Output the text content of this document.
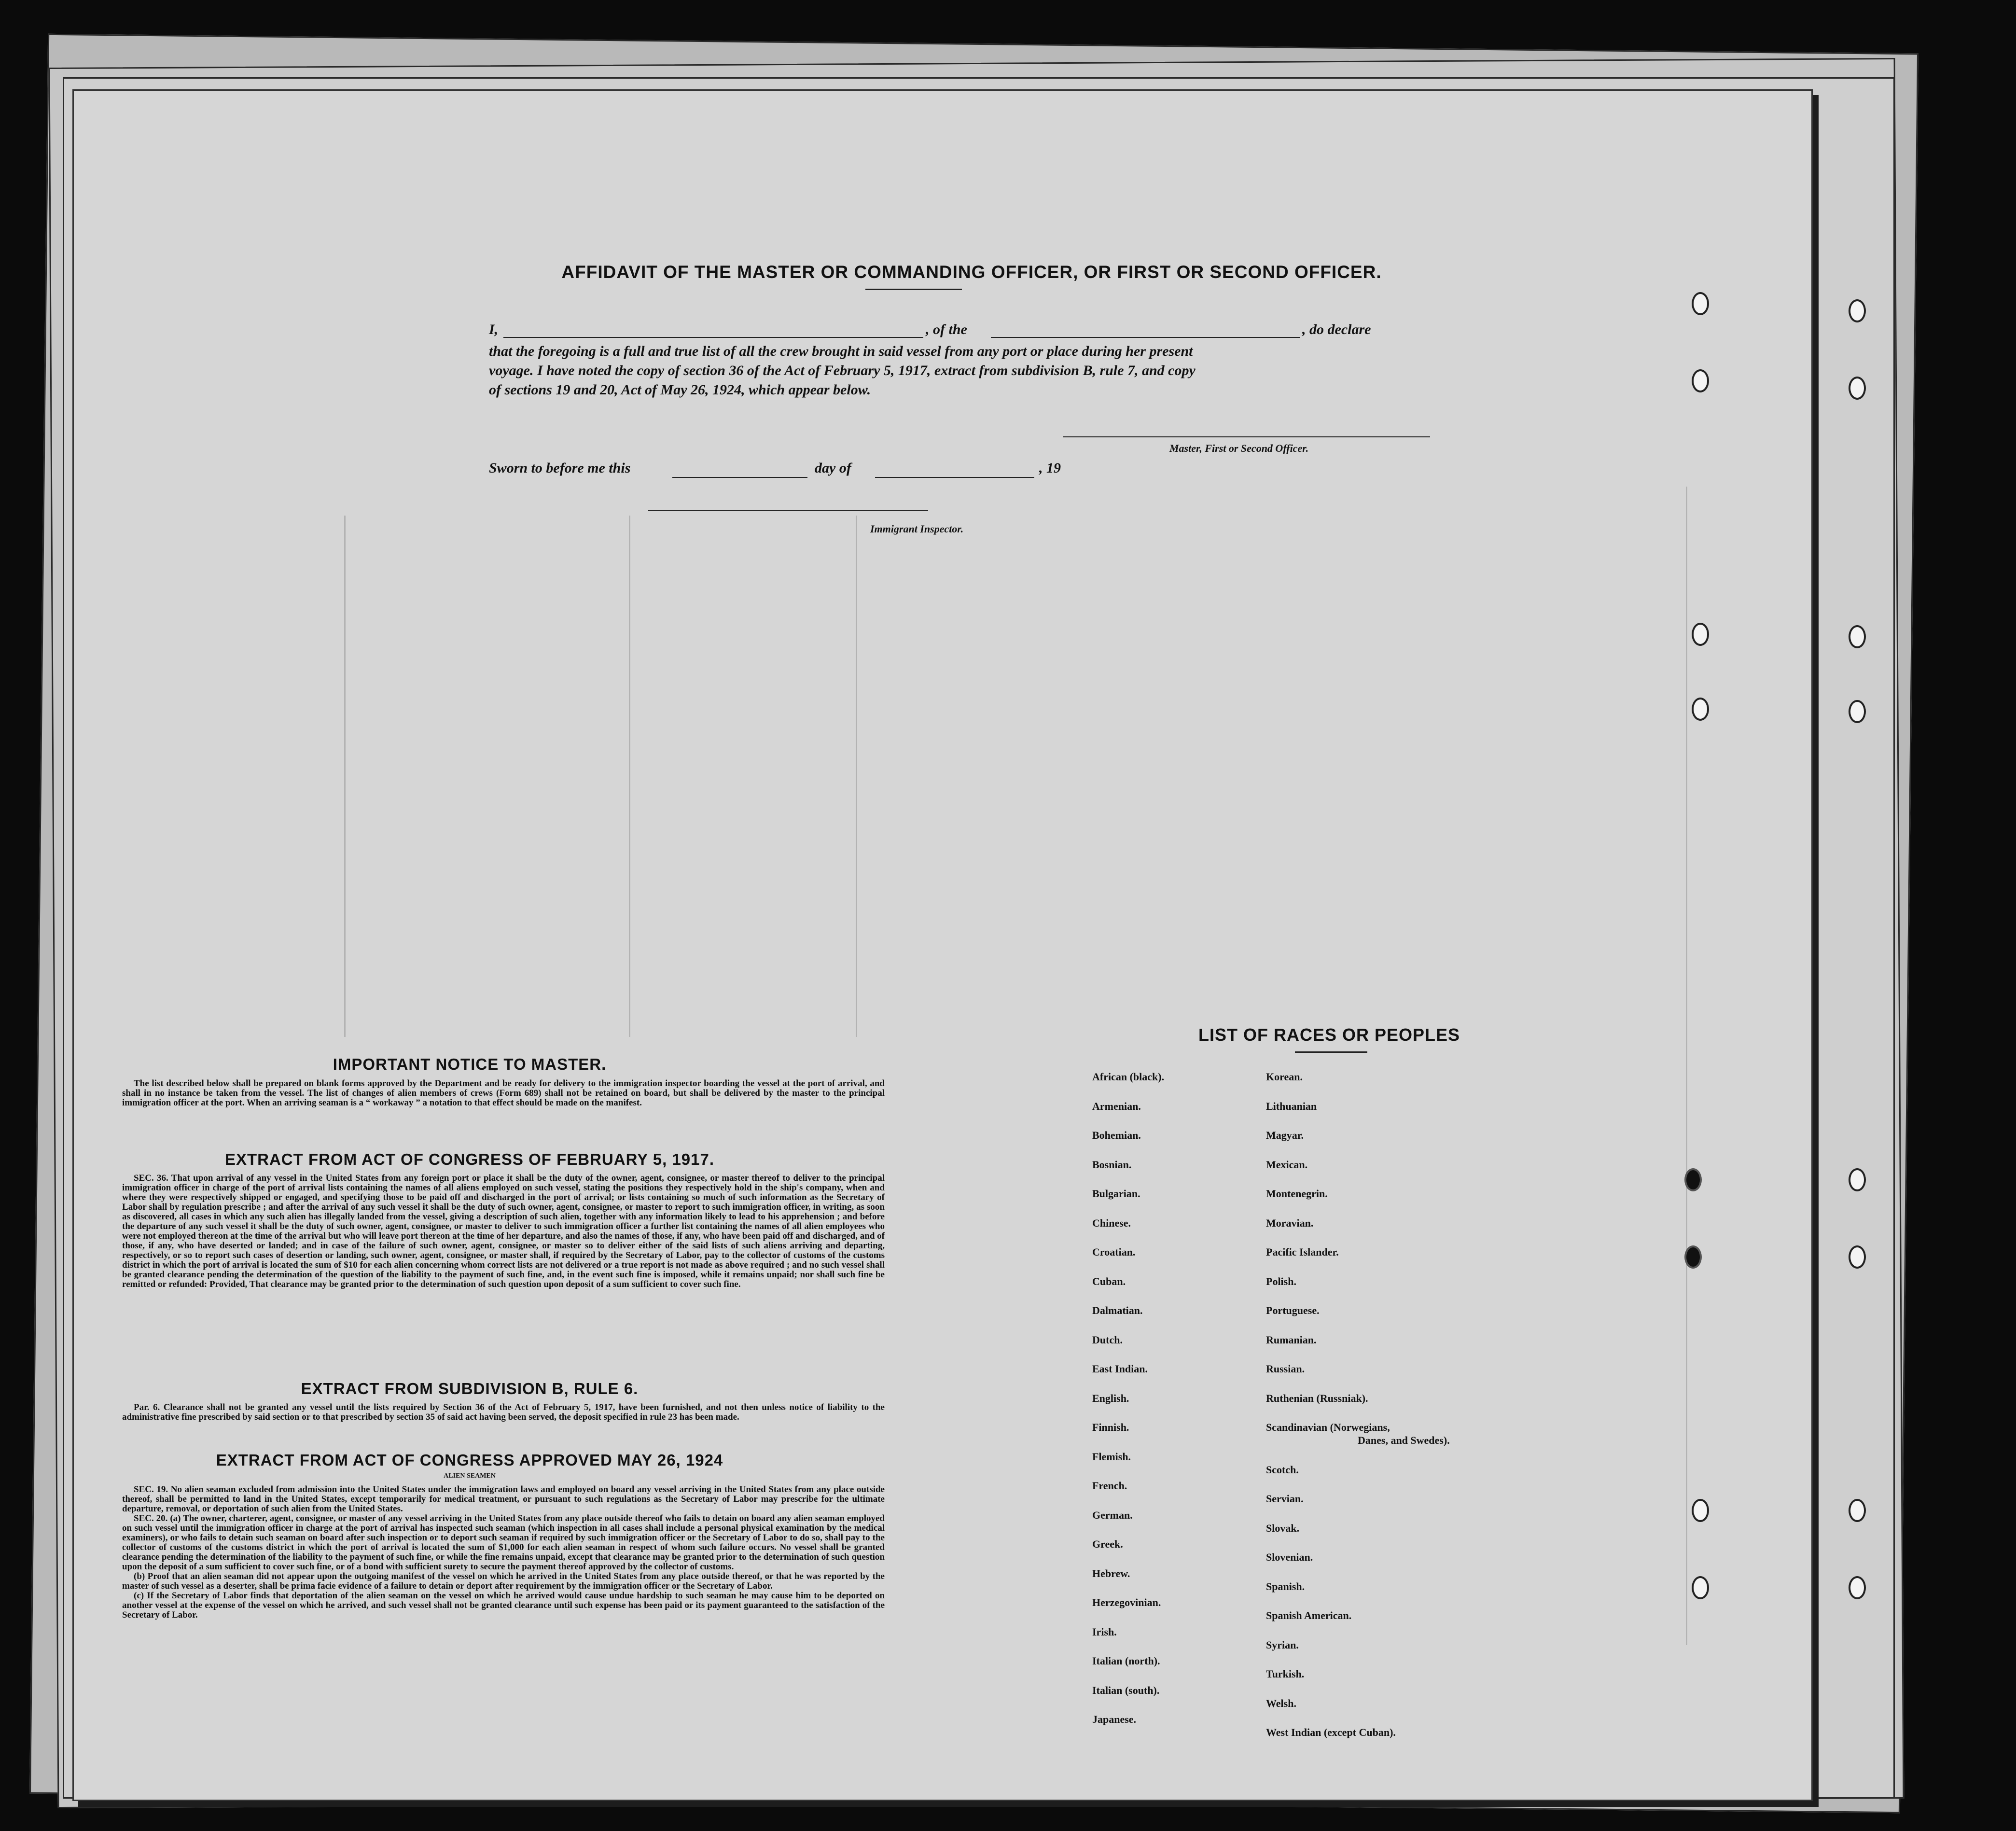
AFFIDAVIT OF THE MASTER OR COMMANDING OFFICER, OR FIRST OR SECOND OFFICER.
I,	, of the	, do declare
that the foregoing is a full and true list of all the crew brought in said vessel from any port or place during her present
voyage. I have noted the copy of section 36 of the Act of February 5, 1917, extract from subdivision B, rule 7, and copy
of sections 19 and 20, Act of May 26, 1924, which appear below.
Master, First or Second Officer.
Sworn to before me this	day of	, 19
Immigrant Inspector.
IMPORTANT NOTICE TO MASTER.

The list described below shall be prepared on blank forms approved by the Department and be ready for delivery to the immigration inspector boarding the vessel at the port of arrival, and shall in no instance be taken from the vessel. The list of changes of alien members of crews (Form 689) shall not be retained on board, but shall be delivered by the master to the principal immigration officer at the port. When an arriving seaman is a “ workaway ” a notation to that effect should be made on the manifest.

EXTRACT FROM ACT OF CONGRESS OF FEBRUARY 5, 1917.

SEC. 36. That upon arrival of any vessel in the United States from any foreign port or place it shall be the duty of the owner, agent, consignee, or master thereof to deliver to the principal immigration officer in charge of the port of arrival lists containing the names of all aliens employed on such vessel, stating the positions they respectively hold in the ship's company, when and where they were respectively shipped or engaged, and specifying those to be paid off and discharged in the port of arrival; or lists containing so much of such information as the Secretary of Labor shall by regulation prescribe ; and after the arrival of any such vessel it shall be the duty of such owner, agent, consignee, or master to report to such immigration officer, in writing, as soon as discovered, all cases in which any such alien has illegally landed from the vessel, giving a description of such alien, together with any information likely to lead to his apprehension ; and before the departure of any such vessel it shall be the duty of such owner, agent, consignee, or master to deliver to such immigration officer a further list containing the names of all alien employees who were not employed thereon at the time of the arrival but who will leave port thereon at the time of her departure, and also the names of those, if any, who have been paid off and discharged, and of those, if any, who have deserted or landed; and in case of the failure of such owner, agent, consignee, or master so to deliver either of the said lists of such aliens arriving and departing, respectively, or so to report such cases of desertion or landing, such owner, agent, consignee, or master shall, if required by the Secretary of Labor, pay to the collector of customs of the customs district in which the port of arrival is located the sum of $10 for each alien concerning whom correct lists are not delivered or a true report is not made as above required ; and no such vessel shall be granted clearance pending the determination of the question of the liability to the payment of such fine, and, in the event such fine is imposed, while it remains unpaid; nor shall such fine be remitted or refunded: Provided, That clearance may be granted prior to the determination of such question upon deposit of a sum sufficient to cover such fine.

EXTRACT FROM SUBDIVISION B, RULE 6.

Par. 6. Clearance shall not be granted any vessel until the lists required by Section 36 of the Act of February 5, 1917, have been furnished, and not then unless notice of liability to the administrative fine prescribed by said section or to that prescribed by section 35 of said act having been served, the deposit specified in rule 23 has been made.

EXTRACT FROM ACT OF CONGRESS APPROVED MAY 26, 1924
ALIEN SEAMEN

SEC. 19. No alien seaman excluded from admission into the United States under the immigration laws and employed on board any vessel arriving in the United States from any place outside thereof, shall be permitted to land in the United States, except temporarily for medical treatment, or pursuant to such regulations as the Secretary of Labor may prescribe for the ultimate departure, removal, or deportation of such alien from the United States.

SEC. 20. (a) The owner, charterer, agent, consignee, or master of any vessel arriving in the United States from any place outside thereof who fails to detain on board any alien seaman employed on such vessel until the immigration officer in charge at the port of arrival has inspected such seaman (which inspection in all cases shall include a personal physical examination by the medical examiners), or who fails to detain such seaman on board after such inspection or to deport such seaman if required by such immigration officer or the Secretary of Labor to do so, shall pay to the collector of customs of the customs district in which the port of arrival is located the sum of $1,000 for each alien seaman in respect of whom such failure occurs. No vessel shall be granted clearance pending the determination of the liability to the payment of such fine, or while the fine remains unpaid, except that clearance may be granted prior to the determination of such question upon the deposit of a sum sufficient to cover such fine, or of a bond with sufficient surety to secure the payment thereof approved by the collector of customs.

(b) Proof that an alien seaman did not appear upon the outgoing manifest of the vessel on which he arrived in the United States from any place outside thereof, or that he was reported by the master of such vessel as a deserter, shall be prima facie evidence of a failure to detain or deport after requirement by the immigration officer or the Secretary of Labor.

(c) If the Secretary of Labor finds that deportation of the alien seaman on the vessel on which he arrived would cause undue hardship to such seaman he may cause him to be deported on another vessel at the expense of the vessel on which he arrived, and such vessel shall not be granted clearance until such expense has been paid or its payment guaranteed to the satisfaction of the Secretary of Labor.

LIST OF RACES OR PEOPLES
African (black).
Armenian.
Bohemian.
Bosnian.
Bulgarian.
Chinese.
Croatian.
Cuban.
Dalmatian.
Dutch.
East Indian.
English.
Finnish.
Flemish.
French.
German.
Greek.
Hebrew.
Herzegovinian.
Irish.
Italian (north).
Italian (south).
Japanese.
Korean.
Lithuanian
Magyar.
Mexican.
Montenegrin.
Moravian.
Pacific Islander.
Polish.
Portuguese.
Rumanian.
Russian.
Ruthenian (Russniak).
Scandinavian (Norwegians,
Danes, and Swedes).
Scotch.
Servian.
Slovak.
Slovenian.
Spanish.
Spanish American.
Syrian.
Turkish.
Welsh.
West Indian (except Cuban).
